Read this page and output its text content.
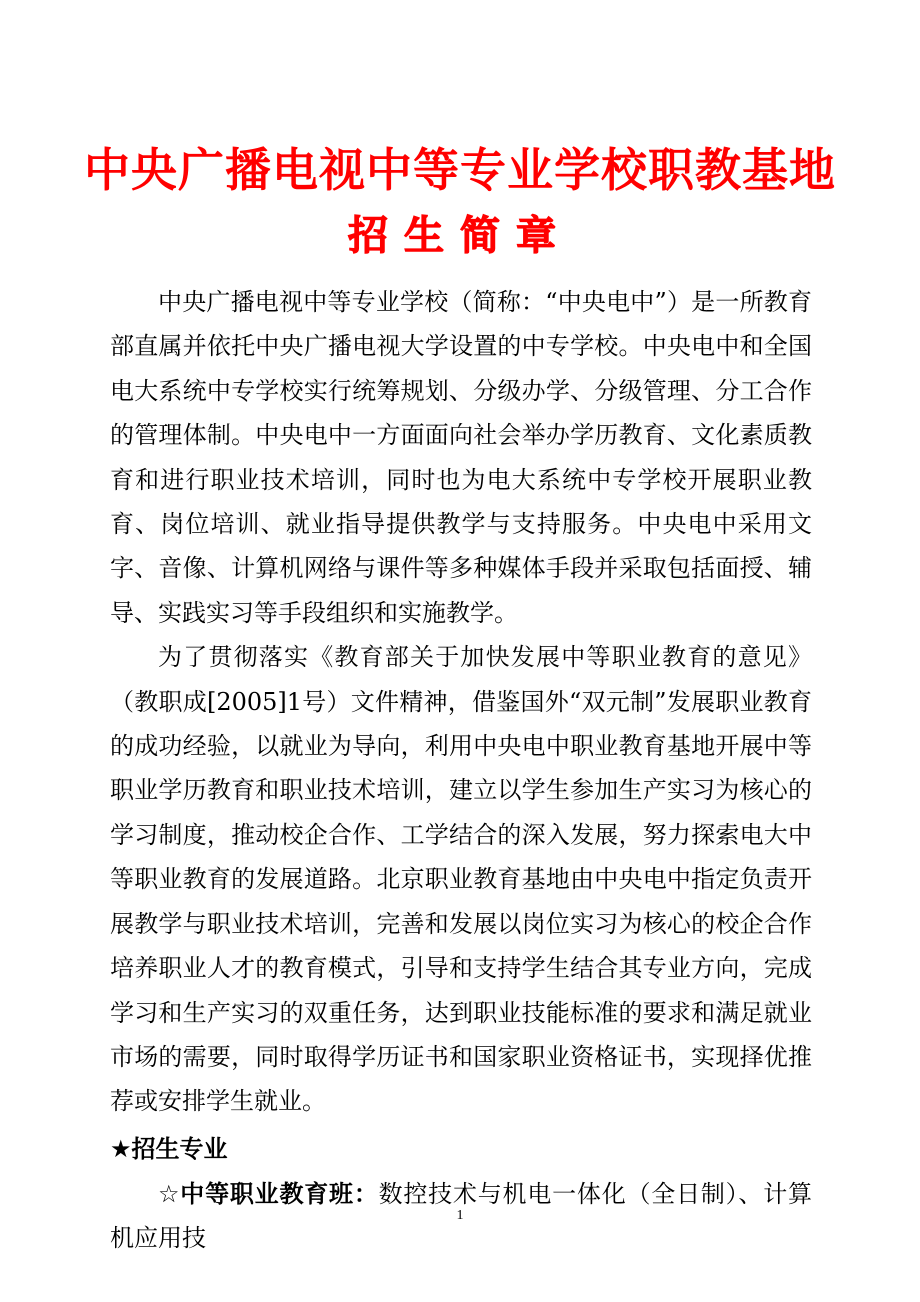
中央广播电视中等专业学校职教基地
招生简章

中央广播电视中等专业学校（简称：“中央电中”）是一所教育部直属并依托中央广播电视大学设置的中专学校。中央电中和全国电大系统中专学校实行统筹规划、分级办学、分级管理、分工合作的管理体制。中央电中一方面面向社会举办学历教育、文化素质教育和进行职业技术培训，同时也为电大系统中专学校开展职业教育、岗位培训、就业指导提供教学与支持服务。中央电中采用文字、音像、计算机网络与课件等多种媒体手段并采取包括面授、辅导、实践实习等手段组织和实施教学。

为了贯彻落实《教育部关于加快发展中等职业教育的意见》（教职成[2005]1号）文件精神，借鉴国外“双元制”发展职业教育的成功经验，以就业为导向，利用中央电中职业教育基地开展中等职业学历教育和职业技术培训，建立以学生参加生产实习为核心的学习制度，推动校企合作、工学结合的深入发展，努力探索电大中等职业教育的发展道路。北京职业教育基地由中央电中指定负责开展教学与职业技术培训，完善和发展以岗位实习为核心的校企合作培养职业人才的教育模式，引导和支持学生结合其专业方向，完成学习和生产实习的双重任务，达到职业技能标准的要求和满足就业市场的需要，同时取得学历证书和国家职业资格证书，实现择优推荐或安排学生就业。

★招生专业

☆中等职业教育班：数控技术与机电一体化（全日制）、计算机应用技

1
